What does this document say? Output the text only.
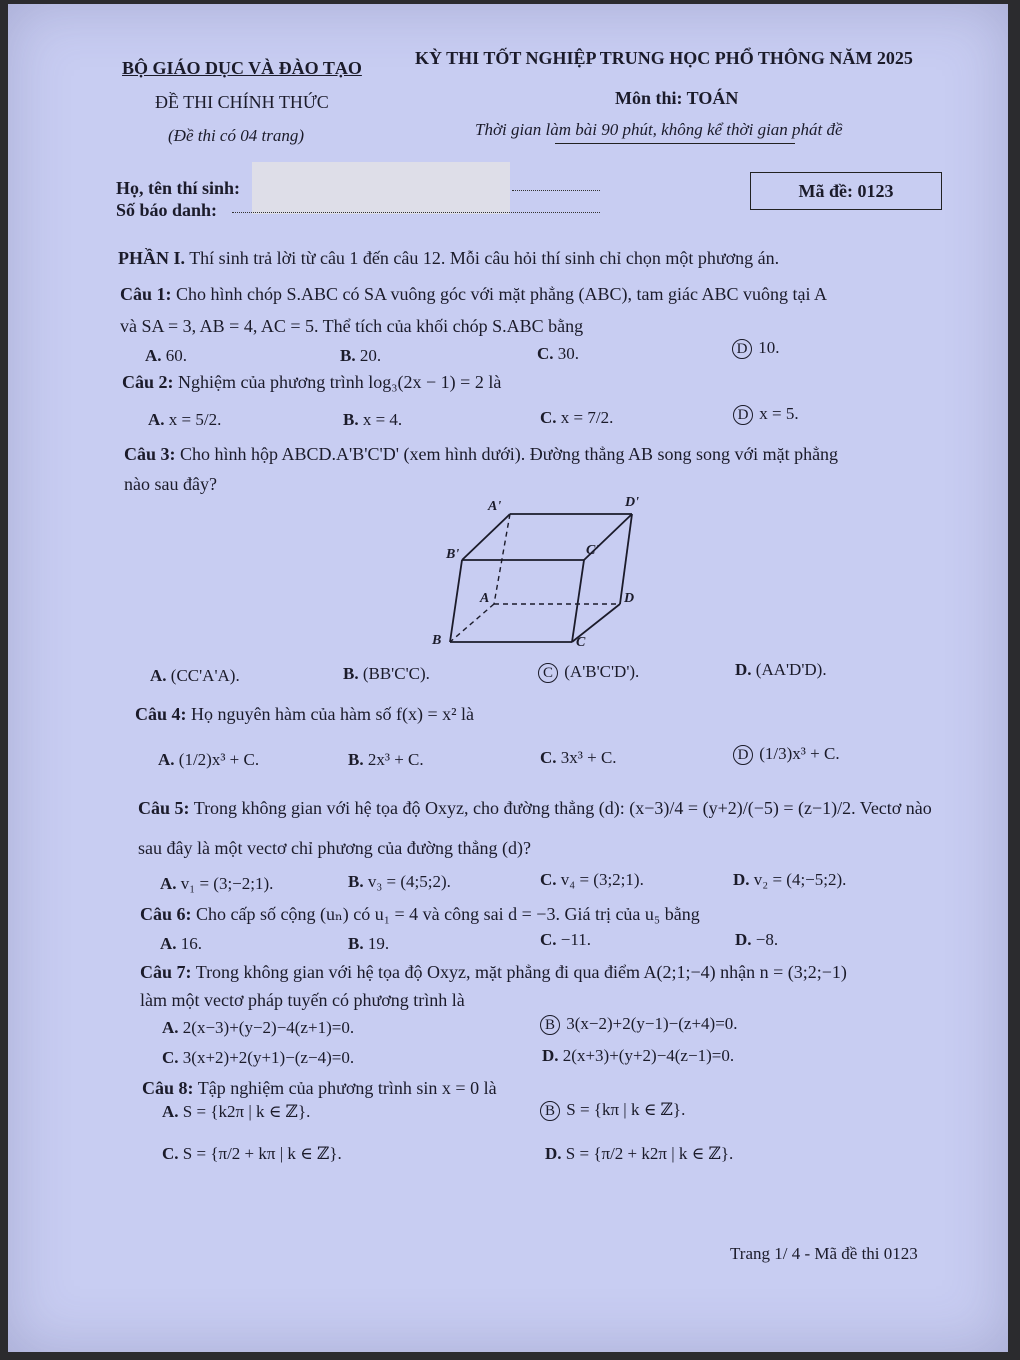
BỘ GIÁO DỤC VÀ ĐÀO TẠO	KỲ THI TỐT NGHIỆP TRUNG HỌC PHỔ THÔNG NĂM 2025
ĐỀ THI CHÍNH THỨC	Môn thi: TOÁN
(Đề thi có 04 trang)	Thời gian làm bài 90 phút, không kể thời gian phát đề
Họ, tên thí sinh:
Số báo danh:
Mã đề: 0123
PHẦN I. Thí sinh trả lời từ câu 1 đến câu 12. Mỗi câu hỏi thí sinh chỉ chọn một phương án.
Câu 1: Cho hình chóp S.ABC có SA vuông góc với mặt phẳng (ABC), tam giác ABC vuông tại A
và SA = 3, AB = 4, AC = 5. Thể tích của khối chóp S.ABC bằng
A. 60.	B. 20.	C. 30.	D 10.
Câu 2: Nghiệm của phương trình log₃(2x − 1) = 2 là
A. x = 5/2.	B. x = 4.	C. x = 7/2.	D x = 5.
Câu 3: Cho hình hộp ABCD.A'B'C'D' (xem hình dưới). Đường thẳng AB song song với mặt phẳng
nào sau đây?
A'	D'
B'	C'
A	D
B	C
A. (CC'A'A).	B. (BB'C'C).	C (A'B'C'D').	D. (AA'D'D).
Câu 4: Họ nguyên hàm của hàm số f(x) = x² là
A. (1/2)x³ + C.	B. 2x³ + C.	C. 3x³ + C.	D (1/3)x³ + C.
Câu 5: Trong không gian với hệ tọa độ Oxyz, cho đường thẳng (d): (x−3)/4 = (y+2)/(−5) = (z−1)/2. Vectơ nào
sau đây là một vectơ chỉ phương của đường thẳng (d)?
A. v₁ = (3;−2;1).	B. v₃ = (4;5;2).	C. v₄ = (3;2;1).	D. v₂ = (4;−5;2).
Câu 6: Cho cấp số cộng (uₙ) có u₁ = 4 và công sai d = −3. Giá trị của u₅ bằng
A. 16.	B. 19.	C. −11.	D. −8.
Câu 7: Trong không gian với hệ tọa độ Oxyz, mặt phẳng đi qua điểm A(2;1;−4) nhận n = (3;2;−1)
làm một vectơ pháp tuyến có phương trình là
A. 2(x−3)+(y−2)−4(z+1)=0.	B 3(x−2)+2(y−1)−(z+4)=0.
C. 3(x+2)+2(y+1)−(z−4)=0.	D. 2(x+3)+(y+2)−4(z−1)=0.
Câu 8: Tập nghiệm của phương trình sin x = 0 là
A. S = {k2π | k ∈ ℤ}.	B S = {kπ | k ∈ ℤ}.
C. S = {π/2 + kπ | k ∈ ℤ}.	D. S = {π/2 + k2π | k ∈ ℤ}.
Trang 1/ 4 - Mã đề thi 0123
